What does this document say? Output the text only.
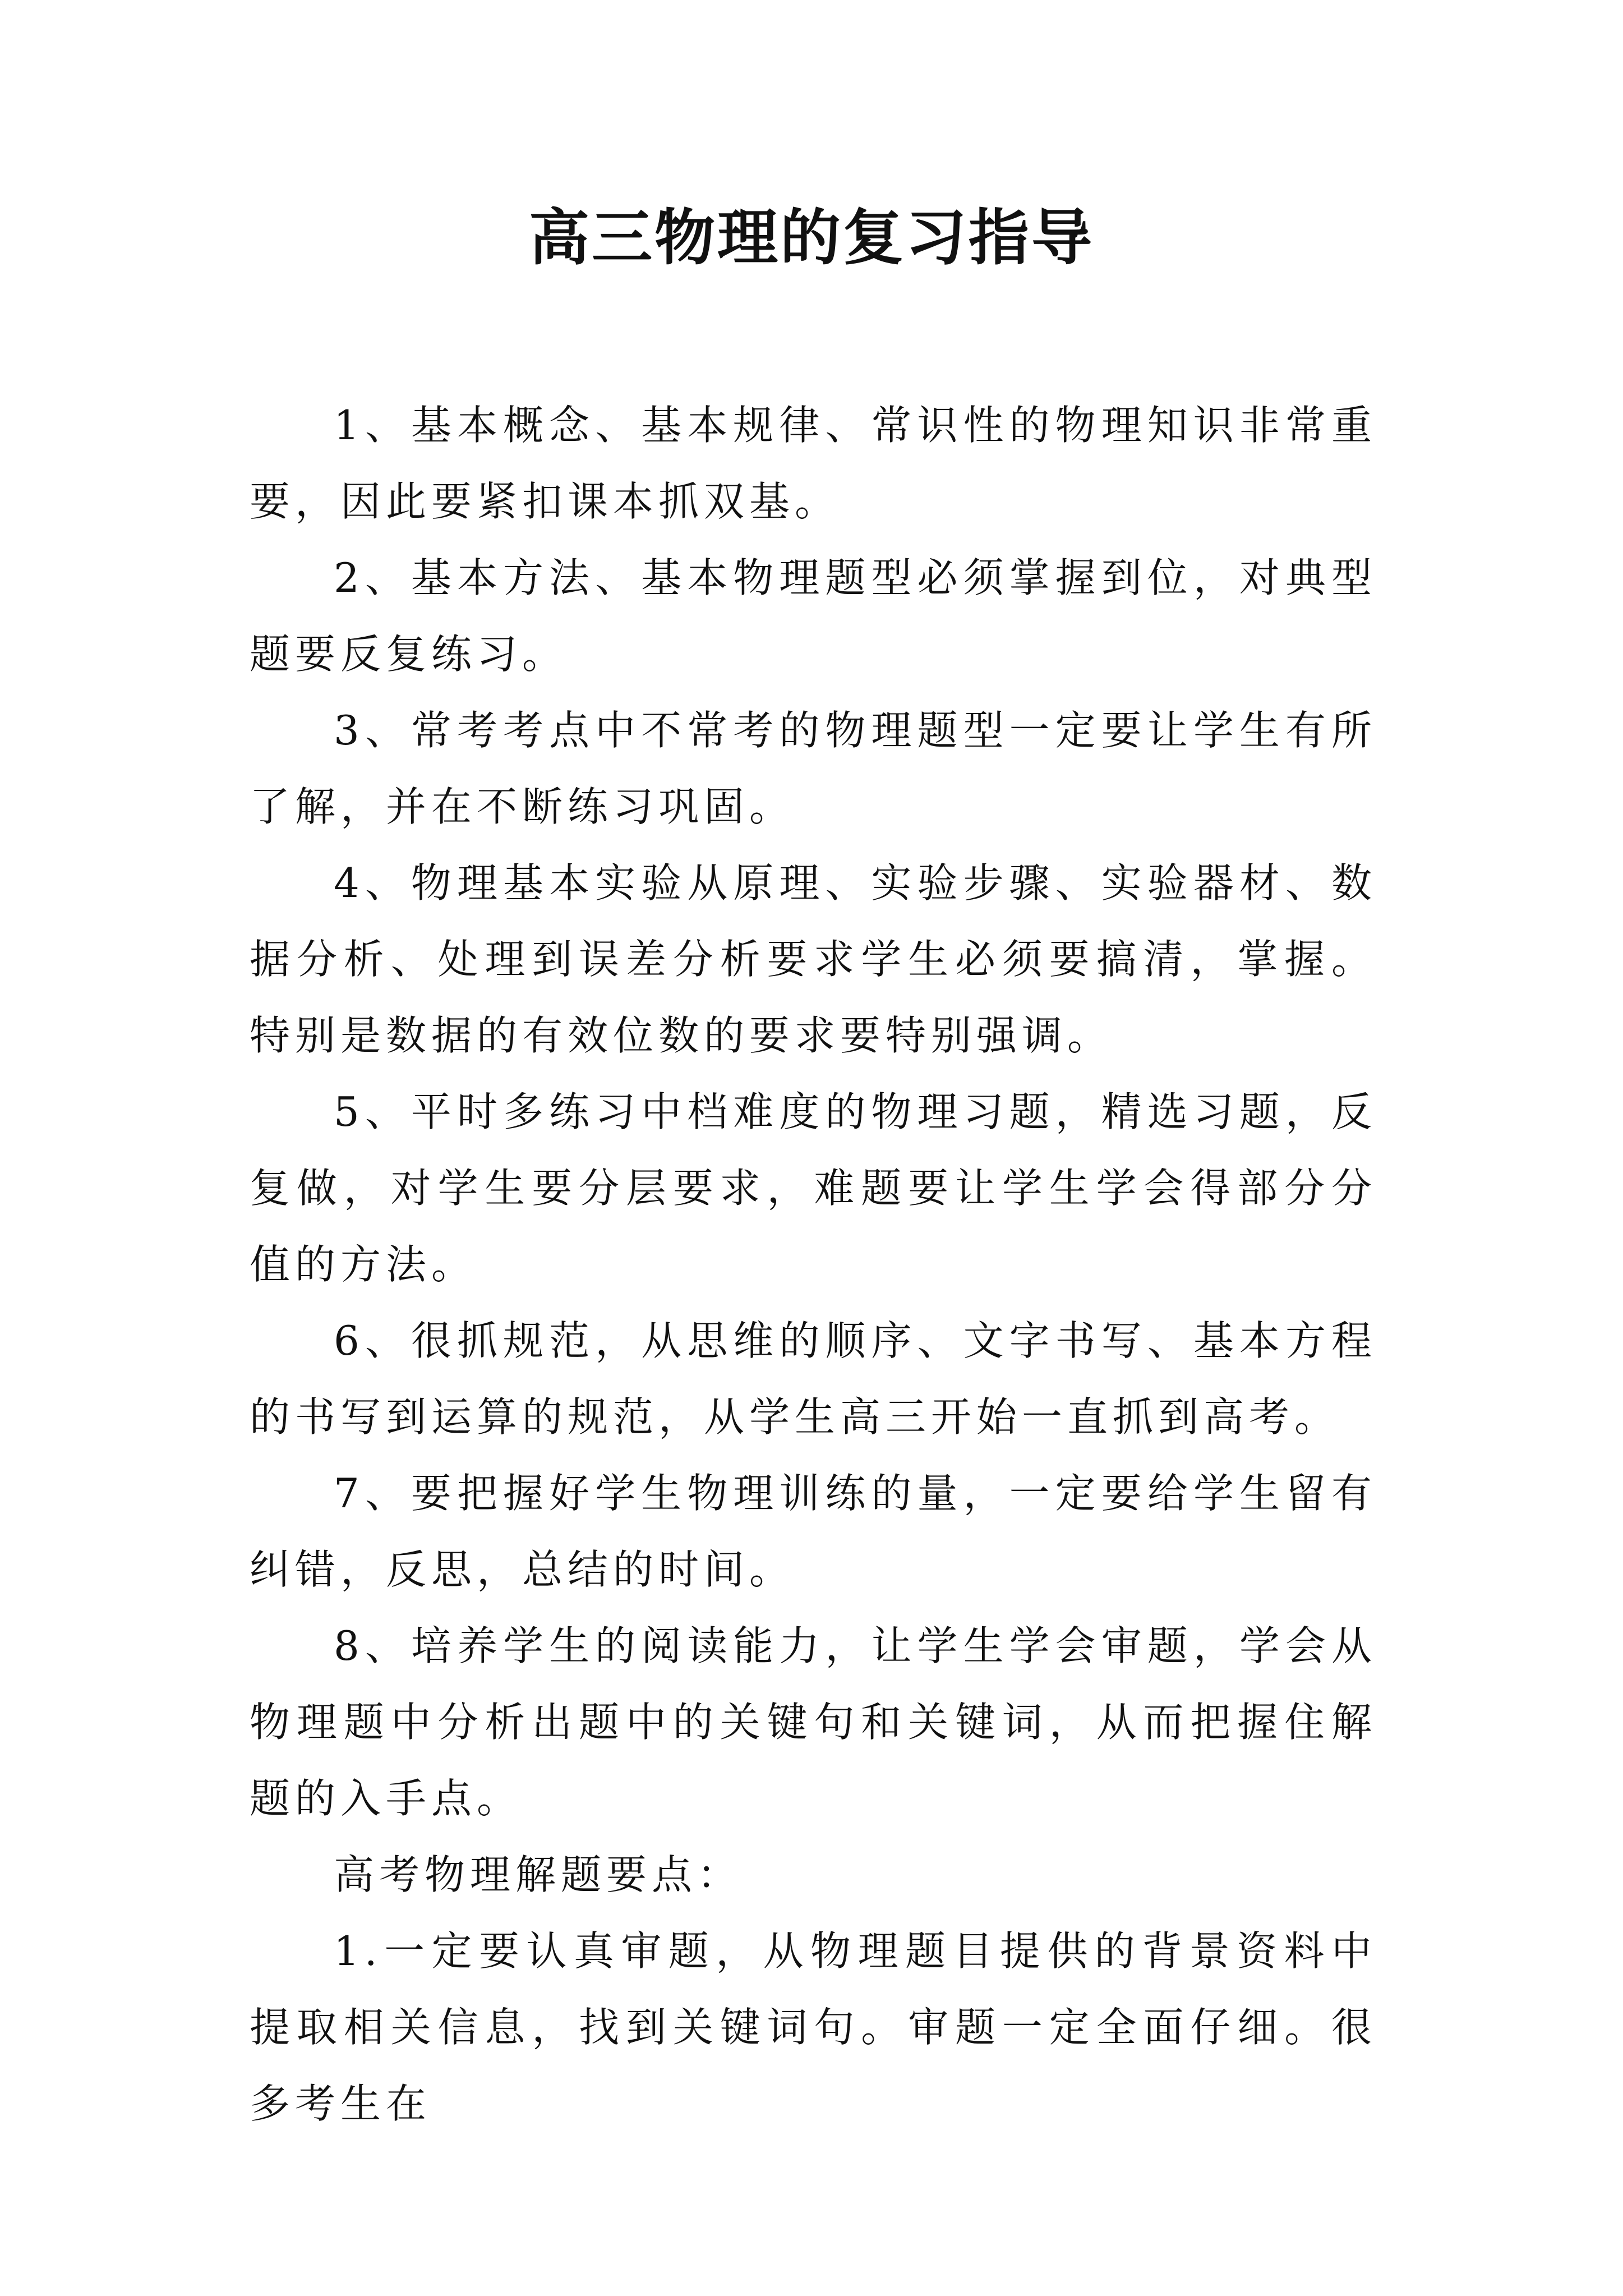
高三物理的复习指导

1、基本概念、基本规律、常识性的物理知识非常重要，因此要紧扣课本抓双基。

2、基本方法、基本物理题型必须掌握到位，对典型题要反复练习。

3、常考考点中不常考的物理题型一定要让学生有所了解，并在不断练习巩固。

4、物理基本实验从原理、实验步骤、实验器材、数据分析、处理到误差分析要求学生必须要搞清，掌握。特别是数据的有效位数的要求要特别强调。

5、平时多练习中档难度的物理习题，精选习题，反复做，对学生要分层要求，难题要让学生学会得部分分值的方法。

6、很抓规范，从思维的顺序、文字书写、基本方程的书写到运算的规范，从学生高三开始一直抓到高考。

7、要把握好学生物理训练的量，一定要给学生留有纠错，反思，总结的时间。

8、培养学生的阅读能力，让学生学会审题，学会从物理题中分析出题中的关键句和关键词，从而把握住解题的入手点。

高考物理解题要点：

1.一定要认真审题，从物理题目提供的背景资料中提取相关信息，找到关键词句。审题一定全面仔细。很多考生在
